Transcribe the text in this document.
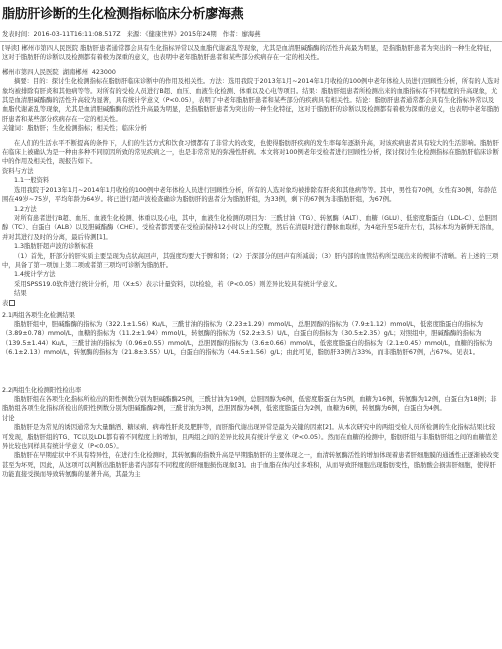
脂肪肝诊断的生化检测指标临床分析廖海燕
发表时间：2016-03-11T16:11:08.517Z 来源：《健康世界》2015年24期 作者：廖海燕
[导读] 郴州市第四人民医院 脂肪肝患者通常都会具有生化指标异常以及血脂代谢紊乱等现象，尤其是血清胆碱酯酶的活性升高最为明显，是指脂肪肝患者为突出的一种生化特征，这对于脂肪肝的诊断以及检测都有着极为深重的意义，也表明中老年脂肪肝患者和某些部分疾病存在一定的相关性。
郴州市第四人民医院  湖南郴州  423000
摘要：目的：探讨生化检测指标在脂肪肝临床诊断中的作用及相关性。方法：选用我院于2013年1月~2014年1月收检的100例中老年体检人员进行回顾性分析，所有的人选对象均被排除有肝炎和其他病等等。对所有的受检人员进行B超、血压、血液生化检测、体重以及心电等项目。结果：脂肪肝组患者所检测出来的血脂指标有不同程度的升高现象，尤其是血清胆碱酯酶的活性升高较为显著，具有统计学意义（P<0.05），表明了中老年脂肪肝患者和某些部分的疾病具有相关性。结论：脂肪肝患者通常都会具有生化指标异常以及血脂代谢紊乱等现象，尤其是血清胆碱酯酶的活性升高最为明显，是指脂肪肝患者为突出的一种生化特征，这对于脂肪肝的诊断以及检测都有着极为深重的意义，也表明中老年脂肪肝患者和某些部分疾病存在一定的相关性。
关键词：脂肪肝；生化检测指标；相关性；临床分析
在人们的生活水平不断提高的条件下，人们的生活方式和饮食习惯都有了非常大的改变，也使得脂肪肝疾病的发生率每年逐渐升高，对该疾病患者具有较大的生活影响。脂肪肝在临床上被确认为是一种由多种不同原因所致的常见疾病之一，也是非常常见的弥漫性肝病。本文将对100例老年受检者进行回顾性分析，探讨探讨生化检测指标在脂肪肝临床诊断中的作用及相关性，现报告如下。
资料与方法
1.1一般资料
选用我院于2013年1月~2014年1月收检的100例中老年体检人员进行回顾性分析，所有的人选对象均被排除有肝炎和其他病等等。其中，男性有70例，女性有30例，年龄范围在49岁~75岁，平均年龄为64岁。将已进行超声波检查确诊为脂肪肝的患者分为脂肪肝组，为33例，剩下的67例为非脂肪肝组，为67例。
1.2方法
对所有患者进行B超、血压、血液生化检测、体重以及心电，其中，血液生化检测的项目为：三酰甘油（TG）、转氨酶（ALT）、血糖（GLU）、低密度脂蛋白（LDL-C）、总胆固醇（TC）、白蛋白（ALB）以及胆碱酯酶（CHE）。受检者都需要在受检前保持12小时以上的空腹，然后在清晨时进行静脉血取样，为4毫升至5毫升左右，其标本均为新鲜无溶血，并对其进行及时的分离，最后待测[1]。
1.3脂肪肝超声波的诊断标准
（1）首先，肝部分的肝实质主要呈现为点状高回声，其强度均要大于脾和肾；（2）于深部分的回声有所减弱；（3）肝内部的血管结构所呈现出来的规律不清晰。若上述的三项中，具备了第一项加上第二项或者第三项均可诊断为脂肪肝。
1.4统计学方法
采用SPSS19.0软件进行统计分析，用（X±S）表示计量资料，以t检验，若（P<0.05）则差异比较具有统计学意义。
结果
表
2.1两组各项生化检测结果
脂肪肝组中，胆碱酯酶的指标为（322.1±1.56）Ku/L，三酰甘油的指标为（2.23±1.29）mmol/L，总胆固醇的指标为（7.9±1.12）mmol/L，低密度脂蛋白的指标为（3.89±0.78）mmol/L，血糖的指标为（11.2±1.94）mmol/L，转氨酶的指标为（52.2±3.5）U/L，白蛋白的指标为（30.5±2.35）g/L；对照组中，胆碱酯酶的指标为（139.5±1.44）Ku/L，三酰甘油的指标为（0.96±0.55）mmol/L，总胆固醇的指标为（3.6±0.66）mmol/L，低密度脂蛋白的指标为（2.1±0.45）mmol/L，血糖的指标为（6.1±2.13）mmol/L，转氨酶的指标为（21.8±3.55）U/L，白蛋白的指标为（44.5±1.56）g/L；由此可见，脂肪肝33例占33%，而非脂肪肝67例，占67%。见表1。
2.2两组生化检测阳性检出率
脂肪肝组在各项生化指标所检出的阳性例数分别为胆碱酯酶25例，三酰甘油为19例，总胆固醇为6例，低密度脂蛋白为5例，血糖为16例，转氨酶为12例，白蛋白为18例；非脂肪组各项生化指标所检出的阳性例数分别为胆碱酯酶2例，三酰甘油为3例，总胆固醇为4例，低密度脂蛋白为2例，血糖为6例，转氨酶为6例，白蛋白为4例。
讨论
脂肪肝是为常见的诱因通常为大量酗酒、糖尿病、病毒性肝炎及肥胖等，而肝脂代谢出现异常是最为关键的因素[2]。从本次研究中的两组受检人员所检测的生化指标结果比较可发现，脂肪肝组的TG、TC以及LDL都有着不同程度上的增加，且两组之间的差异比较具有统计学意义（P<0.05）。然而在血糖的检测中，脂肪肝组与非脂肪肝组之间的血糖值差异比较也同样具有统计学意义（P<0.05）。
脂肪肝在早期症状中不具有特异性，在进行生化检测时，其转氨酶的指数升高是早期脂肪肝的主要体现之一，血清转氨酶活性的增加体现着患者肝细胞膜的通透性正逐渐被改变甚至为坏死，因此，从这项可以判断出脂肪肝患者内部有不同程度的肝细胞损伤现象[3]。由于血脂在体内过多堆积，从而导致肝细胞出现脂肪变性，脂肪酸会损害肝细胞，使得肝功能直接受损而导致转氨酶的显著升高，其最为主
